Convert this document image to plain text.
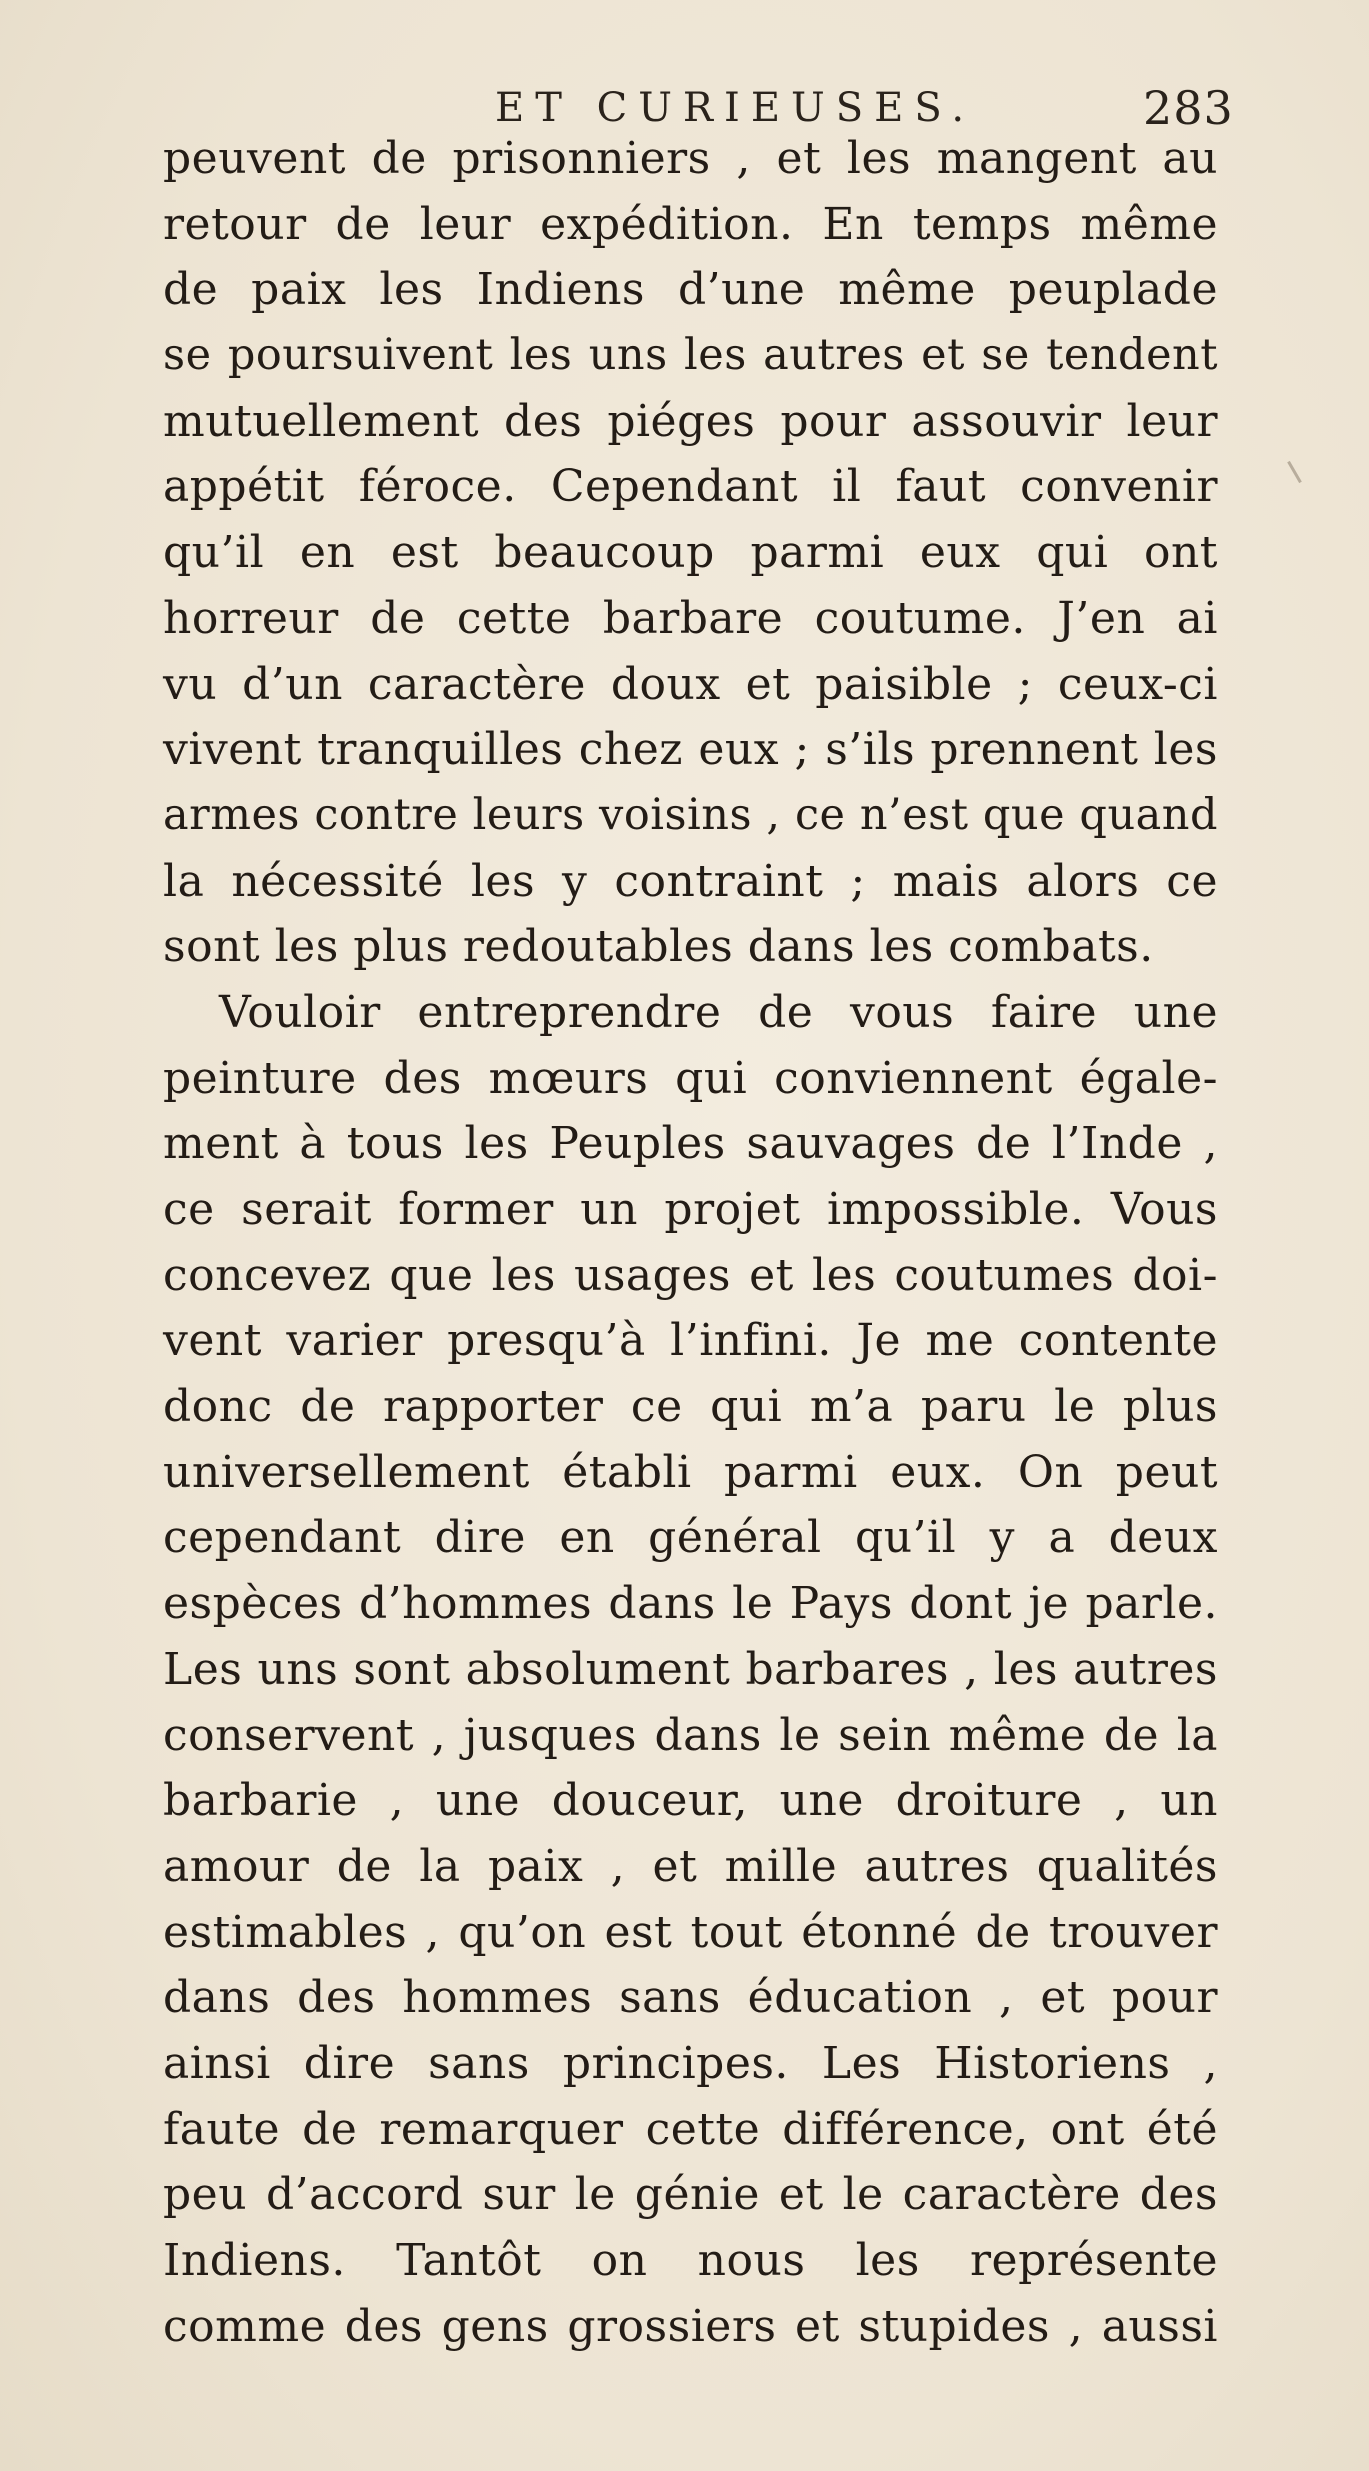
ET CURIEUSES.	283
peuvent de prisonniers , et les mangent au
retour de leur expédition. En temps même
de paix les Indiens d’une même peuplade
se poursuivent les uns les autres et se tendent
mutuellement des piéges pour assouvir leur
appétit féroce. Cependant il faut convenir
qu’il en est beaucoup parmi eux qui ont
horreur de cette barbare coutume. J’en ai
vu d’un caractère doux et paisible ; ceux-ci
vivent tranquilles chez eux ; s’ils prennent les
armes contre leurs voisins , ce n’est que quand
la nécessité les y contraint ; mais alors ce
sont les plus redoutables dans les combats.
Vouloir entreprendre de vous faire une
peinture des mœurs qui conviennent égale-
ment à tous les Peuples sauvages de l’Inde ,
ce serait former un projet impossible. Vous
concevez que les usages et les coutumes doi-
vent varier presqu’à l’infini. Je me contente
donc de rapporter ce qui m’a paru le plus
universellement établi parmi eux. On peut
cependant dire en général qu’il y a deux
espèces d’hommes dans le Pays dont je parle.
Les uns sont absolument barbares , les autres
conservent , jusques dans le sein même de la
barbarie , une douceur, une droiture , un
amour de la paix , et mille autres qualités
estimables , qu’on est tout étonné de trouver
dans des hommes sans éducation , et pour
ainsi dire sans principes. Les Historiens ,
faute de remarquer cette différence, ont été
peu d’accord sur le génie et le caractère des
Indiens. Tantôt on nous les représente
comme des gens grossiers et stupides , aussi
